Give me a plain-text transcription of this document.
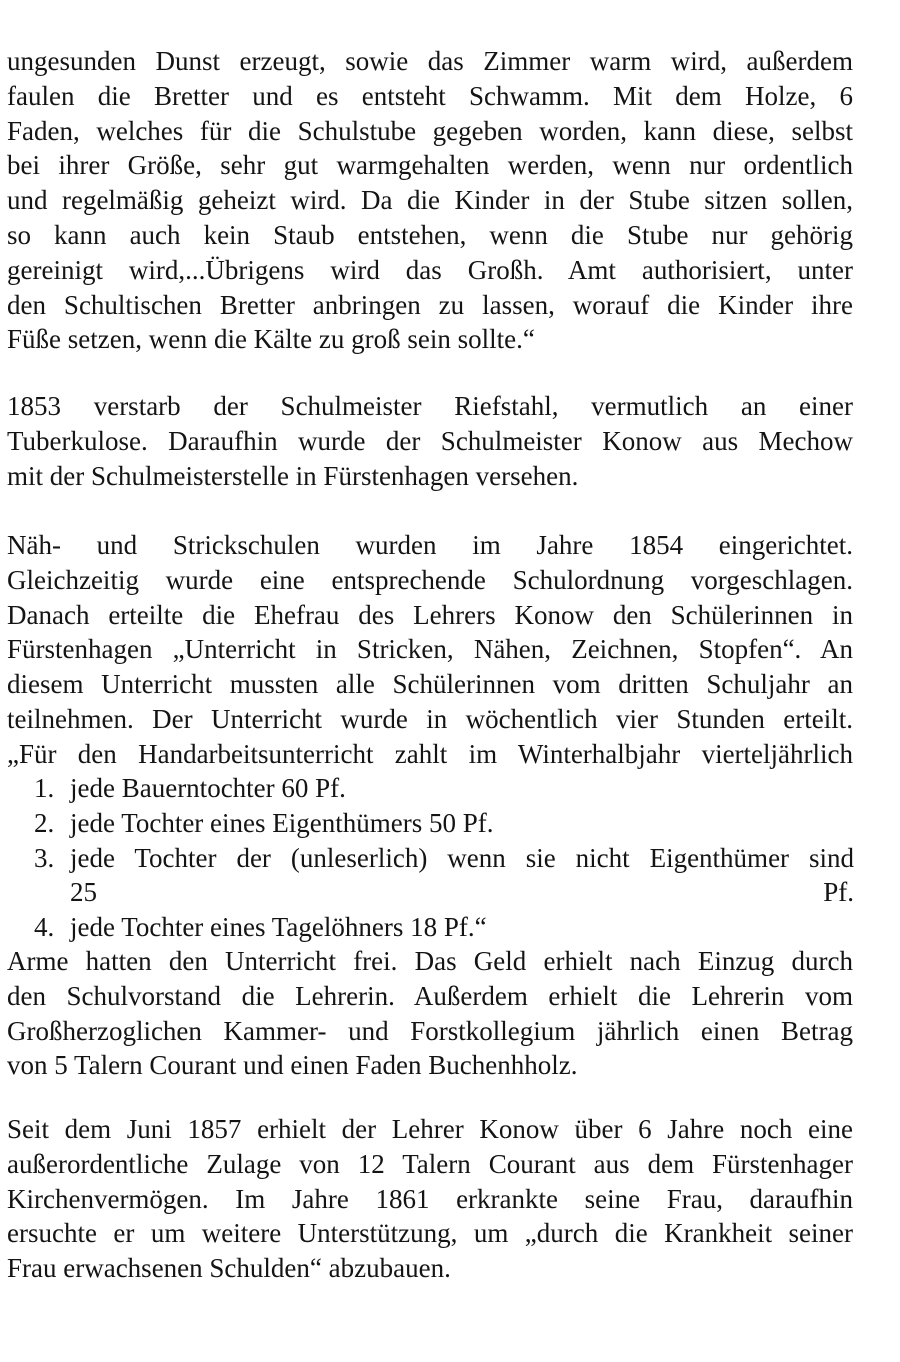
ungesunden Dunst erzeugt, sowie das Zimmer warm wird, außerdem
faulen die Bretter und es entsteht Schwamm. Mit dem Holze, 6
Faden, welches für die Schulstube gegeben worden, kann diese, selbst
bei ihrer Größe, sehr gut warmgehalten werden, wenn nur ordentlich
und regelmäßig geheizt wird. Da die Kinder in der Stube sitzen sollen,
so kann auch kein Staub entstehen, wenn die Stube nur gehörig
gereinigt wird,...Übrigens wird das Großh. Amt authorisiert, unter
den Schultischen Bretter anbringen zu lassen, worauf die Kinder ihre
Füße setzen, wenn die Kälte zu groß sein sollte.“

1853 verstarb der Schulmeister Riefstahl, vermutlich an einer
Tuberkulose. Daraufhin wurde der Schulmeister Konow aus Mechow
mit der Schulmeisterstelle in Fürstenhagen versehen.

Näh- und Strickschulen wurden im Jahre 1854 eingerichtet.
Gleichzeitig wurde eine entsprechende Schulordnung vorgeschlagen.
Danach erteilte die Ehefrau des Lehrers Konow den Schülerinnen in
Fürstenhagen „Unterricht in Stricken, Nähen, Zeichnen, Stopfen“. An
diesem Unterricht mussten alle Schülerinnen vom dritten Schuljahr an
teilnehmen. Der Unterricht wurde in wöchentlich vier Stunden erteilt.
„Für den Handarbeitsunterricht zahlt im Winterhalbjahr vierteljährlich

1. jede Bauerntochter 60 Pf.
2. jede Tochter eines Eigenthümers 50 Pf.
3. jede Tochter der (unleserlich) wenn sie nicht Eigenthümer sind
25 Pf.
4. jede Tochter eines Tagelöhners 18 Pf.“

Arme hatten den Unterricht frei. Das Geld erhielt nach Einzug durch
den Schulvorstand die Lehrerin. Außerdem erhielt die Lehrerin vom
Großherzoglichen Kammer- und Forstkollegium jährlich einen Betrag
von 5 Talern Courant und einen Faden Buchenhholz.

Seit dem Juni 1857 erhielt der Lehrer Konow über 6 Jahre noch eine
außerordentliche Zulage von 12 Talern Courant aus dem Fürstenhager
Kirchenvermögen. Im Jahre 1861 erkrankte seine Frau, daraufhin
ersuchte er um weitere Unterstützung, um „durch die Krankheit seiner
Frau erwachsenen Schulden“ abzubauen.
